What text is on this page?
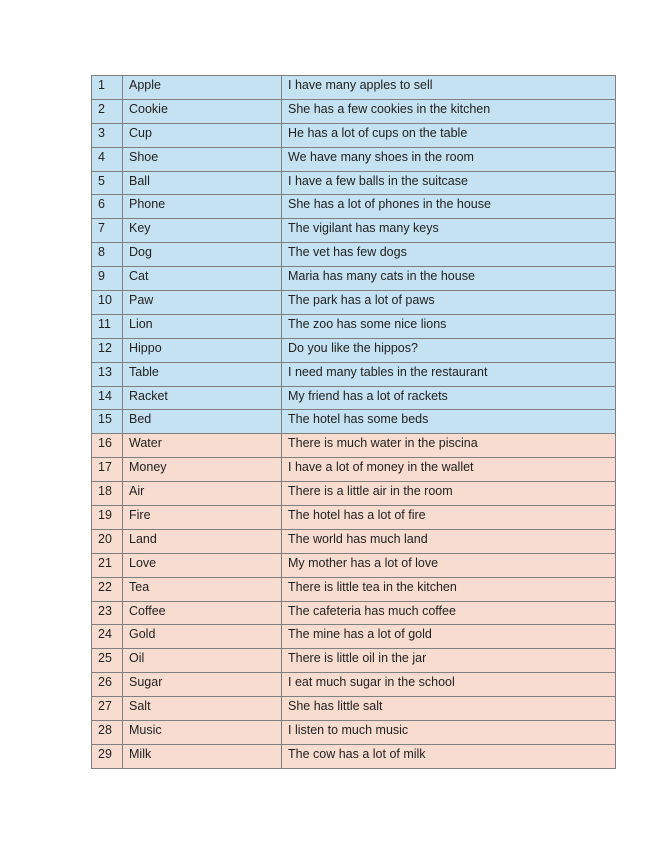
1	Apple	I have many apples to sell
2	Cookie	She has a few cookies in the kitchen
3	Cup	He has a lot of cups on the table
4	Shoe	We have many shoes in the room
5	Ball	I have a few balls in the suitcase
6	Phone	She has a lot of phones in the house
7	Key	The vigilant has many keys
8	Dog	The vet has few dogs
9	Cat	Maria has many cats in the house
10	Paw	The park has a lot of paws
11	Lion	The zoo has some nice lions
12	Hippo	Do you like the hippos?
13	Table	I need many tables in the restaurant
14	Racket	My friend has a lot of rackets
15	Bed	The hotel has some beds
16	Water	There is much water in the piscina
17	Money	I have a lot of money in the wallet
18	Air	There is a little air in the room
19	Fire	The hotel has a lot of fire
20	Land	The world has much land
21	Love	My mother has a lot of love
22	Tea	There is little tea in the kitchen
23	Coffee	The cafeteria has much coffee
24	Gold	The mine has a lot of gold
25	Oil	There is little oil in the jar
26	Sugar	I eat much sugar in the school
27	Salt	She has little salt
28	Music	I listen to much music
29	Milk	The cow has a lot of milk
